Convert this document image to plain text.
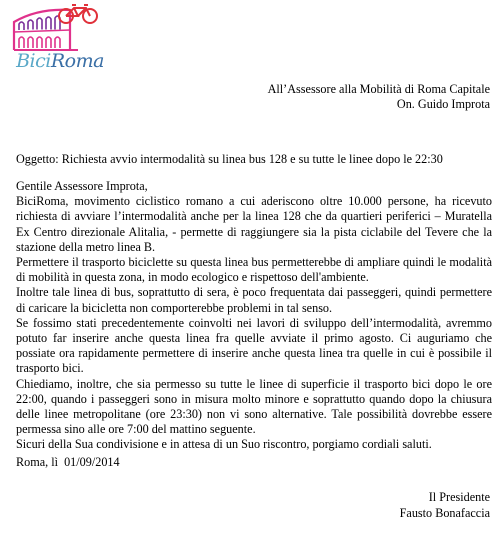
BiciRoma
All’Assessore alla Mobilità di Roma Capitale
On. Guido Improta
Oggetto: Richiesta avvio intermodalità su linea bus 128 e su tutte le linee dopo le 22:30

Gentile Assessore Improta,

BiciRoma, movimento ciclistico romano a cui aderiscono oltre 10.000 persone, ha ricevuto richiesta di avviare l’intermodalità anche per la linea 128 che da quartieri periferici – Muratella Ex Centro direzionale Alitalia, - permette di raggiungere sia la pista ciclabile del Tevere che la stazione della metro linea B.

Permettere il trasporto biciclette su questa linea bus permetterebbe di ampliare quindi le modalità di mobilità in questa zona, in modo ecologico e rispettoso dell'ambiente.

Inoltre tale linea di bus, soprattutto di sera, è poco frequentata dai passeggeri, quindi permettere di caricare la bicicletta non comporterebbe problemi in tal senso.

Se fossimo stati precedentemente coinvolti nei lavori di sviluppo dell’intermodalità, avremmo potuto far inserire anche questa linea fra quelle avviate il primo agosto. Ci auguriamo che possiate ora rapidamente permettere di inserire anche questa linea tra quelle in cui è possibile il trasporto bici.

Chiediamo, inoltre, che sia permesso su tutte le linee di superficie il trasporto bici dopo le ore 22:00, quando i passeggeri sono in misura molto minore e soprattutto quando dopo la chiusura delle linee metropolitane (ore 23:30) non vi sono alternative. Tale possibilità dovrebbe essere permessa sino alle ore 7:00 del mattino seguente.

Sicuri della Sua condivisione e in attesa di un Suo riscontro, porgiamo cordiali saluti.

Roma, lì  01/09/2014
Il Presidente
Fausto Bonafaccia
